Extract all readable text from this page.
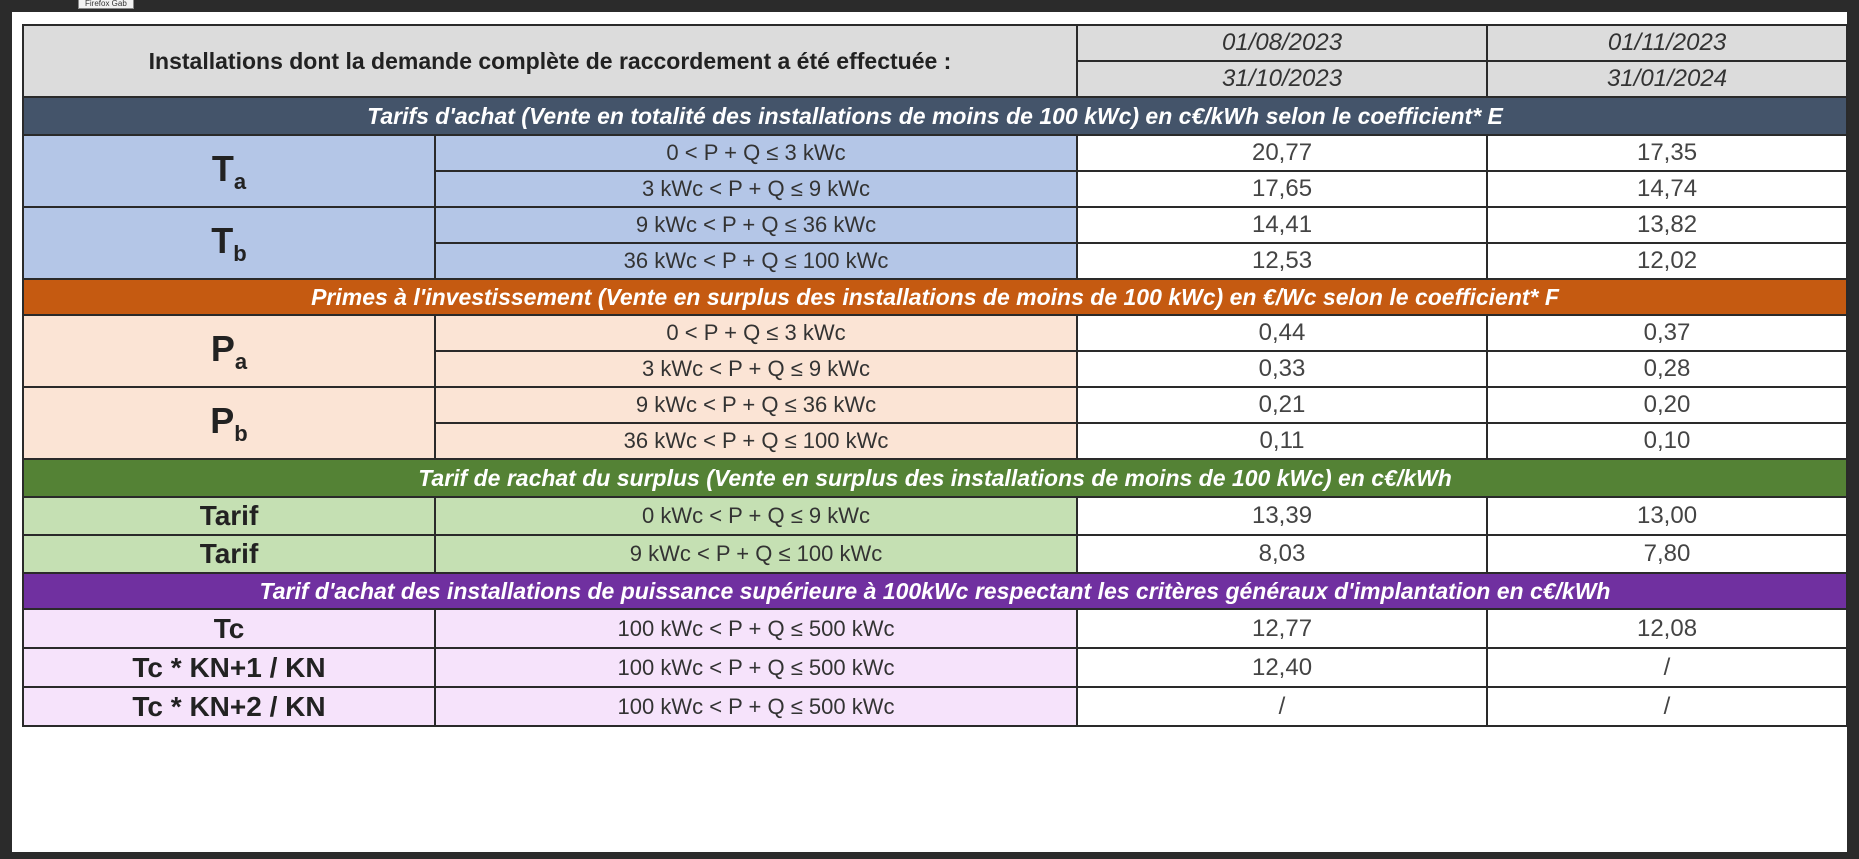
Firefox Gab
Installations dont la demande complète de raccordement a été effectuée :		01/08/2023	01/11/2023
		31/10/2023	31/01/2024
Tarifs d'achat (Vente en totalité des installations de moins de 100 kWc) en c€/kWh selon le coefficient* E			
$T_a$	0 < P + Q ≤ 3 kWc	20,77	17,35
	3 kWc < P + Q ≤ 9 kWc	17,65	14,74
$T_b$	9 kWc < P + Q ≤ 36 kWc	14,41	13,82
	36 kWc < P + Q ≤ 100 kWc	12,53	12,02
Primes à l'investissement (Vente en surplus des installations de moins de 100 kWc) en €/Wc selon le coefficient* F			
$P_a$	0 < P + Q ≤ 3 kWc	0,44	0,37
	3 kWc < P + Q ≤ 9 kWc	0,33	0,28
$P_b$	9 kWc < P + Q ≤ 36 kWc	0,21	0,20
	36 kWc < P + Q ≤ 100 kWc	0,11	0,10
Tarif de rachat du surplus (Vente en surplus des installations de moins de 100 kWc) en c€/kWh			
Tarif	0 kWc < P + Q ≤ 9 kWc	13,39	13,00
Tarif	9 kWc < P + Q ≤ 100 kWc	8,03	7,80
Tarif d'achat des installations de puissance supérieure à 100kWc respectant les critères généraux d'implantation en c€/kWh			
Tc	100 kWc < P + Q ≤ 500 kWc	12,77	12,08
Tc * KN+1 / KN	100 kWc < P + Q ≤ 500 kWc	12,40	/
Tc * KN+2 / KN	100 kWc < P + Q ≤ 500 kWc	/	/
